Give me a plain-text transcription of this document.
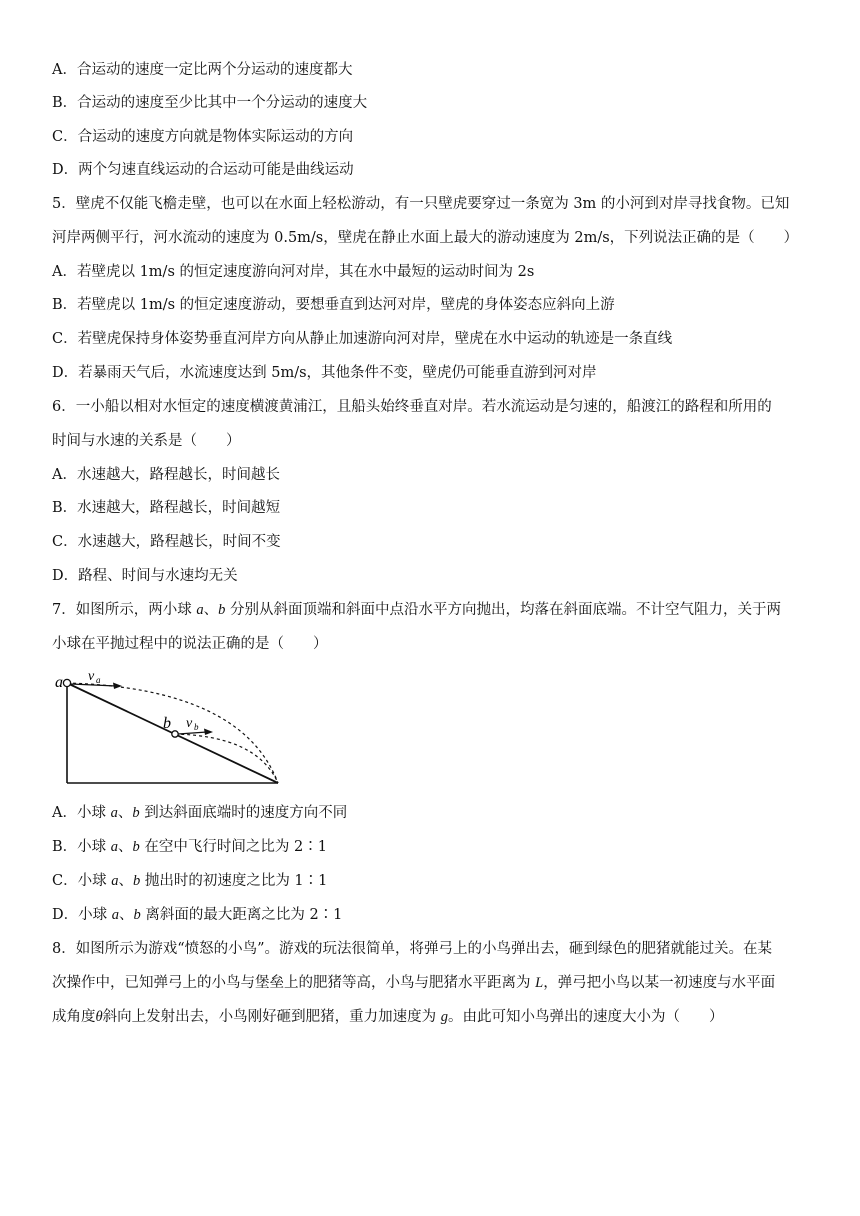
A．合运动的速度一定比两个分运动的速度都大
B．合运动的速度至少比其中一个分运动的速度大
C．合运动的速度方向就是物体实际运动的方向
D．两个匀速直线运动的合运动可能是曲线运动
5．壁虎不仅能飞檐走壁，也可以在水面上轻松游动，有一只壁虎要穿过一条宽为 3m 的小河到对岸寻找食物。已知
河岸两侧平行，河水流动的速度为 0.5m/s，壁虎在静止水面上最大的游动速度为 2m/s，下列说法正确的是（　　）
A．若壁虎以 1m/s 的恒定速度游向河对岸，其在水中最短的运动时间为 2s
B．若壁虎以 1m/s 的恒定速度游动，要想垂直到达河对岸，壁虎的身体姿态应斜向上游
C．若壁虎保持身体姿势垂直河岸方向从静止加速游向河对岸，壁虎在水中运动的轨迹是一条直线
D．若暴雨天气后，水流速度达到 5m/s，其他条件不变，壁虎仍可能垂直游到河对岸
6．一小船以相对水恒定的速度横渡黄浦江，且船头始终垂直对岸。若水流运动是匀速的，船渡江的路程和所用的
时间与水速的关系是（　　）
A．水速越大，路程越长，时间越长
B．水速越大，路程越长，时间越短
C．水速越大，路程越长，时间不变
D．路程、时间与水速均无关
7．如图所示，两小球 a、b 分别从斜面顶端和斜面中点沿水平方向抛出，均落在斜面底端。不计空气阻力，关于两
小球在平抛过程中的说法正确的是（　　）
a v a
b v b
A．小球 a、b 到达斜面底端时的速度方向不同
B．小球 a、b 在空中飞行时间之比为 2∶1
C．小球 a、b 抛出时的初速度之比为 1∶1
D．小球 a、b 离斜面的最大距离之比为 2∶1
8．如图所示为游戏“愤怒的小鸟”。游戏的玩法很简单，将弹弓上的小鸟弹出去，砸到绿色的肥猪就能过关。在某
次操作中，已知弹弓上的小鸟与堡垒上的肥猪等高，小鸟与肥猪水平距离为 L，弹弓把小鸟以某一初速度与水平面
成角度θ斜向上发射出去，小鸟刚好砸到肥猪，重力加速度为 g。由此可知小鸟弹出的速度大小为（　　）
